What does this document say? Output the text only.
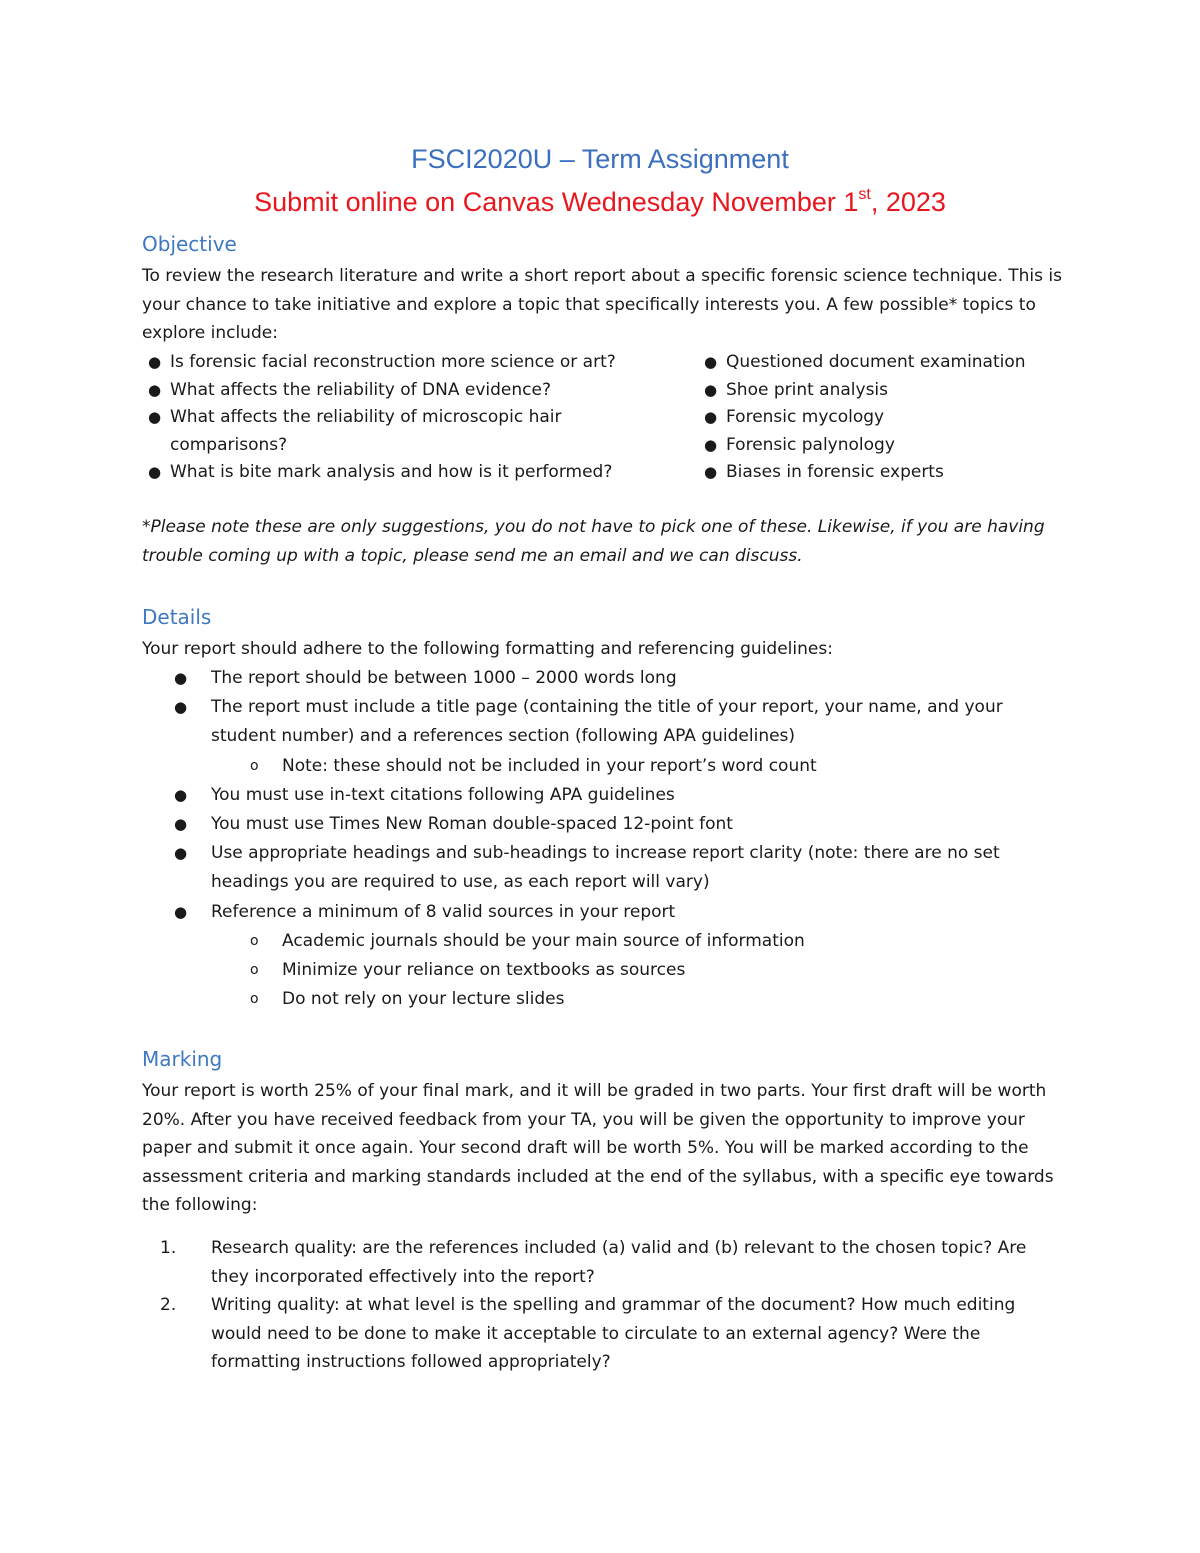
FSCI2020U – Term Assignment
Submit online on Canvas Wednesday November 1st, 2023
Objective

To review the research literature and write a short report about a specific forensic science technique. This is your chance to take initiative and explore a topic that specifically interests you. A few possible* topics to explore include:

● Is forensic facial reconstruction more science or art?
● What affects the reliability of DNA evidence?
● What affects the reliability of microscopic hair comparisons?
● What is bite mark analysis and how is it performed?
● Questioned document examination
● Shoe print analysis
● Forensic mycology
● Forensic palynology
● Biases in forensic experts

*Please note these are only suggestions, you do not have to pick one of these. Likewise, if you are having trouble coming up with a topic, please send me an email and we can discuss.

Details

Your report should adhere to the following formatting and referencing guidelines:

● The report should be between 1000 – 2000 words long
● The report must include a title page (containing the title of your report, your name, and your student number) and a references section (following APA guidelines)
o Note: these should not be included in your report’s word count
● You must use in-text citations following APA guidelines
● You must use Times New Roman double-spaced 12-point font
● Use appropriate headings and sub-headings to increase report clarity (note: there are no set headings you are required to use, as each report will vary)
● Reference a minimum of 8 valid sources in your report
o Academic journals should be your main source of information
o Minimize your reliance on textbooks as sources
o Do not rely on your lecture slides
Marking

Your report is worth 25% of your final mark, and it will be graded in two parts. Your first draft will be worth 20%. After you have received feedback from your TA, you will be given the opportunity to improve your paper and submit it once again. Your second draft will be worth 5%. You will be marked according to the assessment criteria and marking standards included at the end of the syllabus, with a specific eye towards the following:

1. Research quality: are the references included (a) valid and (b) relevant to the chosen topic? Are they incorporated effectively into the report?
2. Writing quality: at what level is the spelling and grammar of the document? How much editing would need to be done to make it acceptable to circulate to an external agency? Were the formatting instructions followed appropriately?
